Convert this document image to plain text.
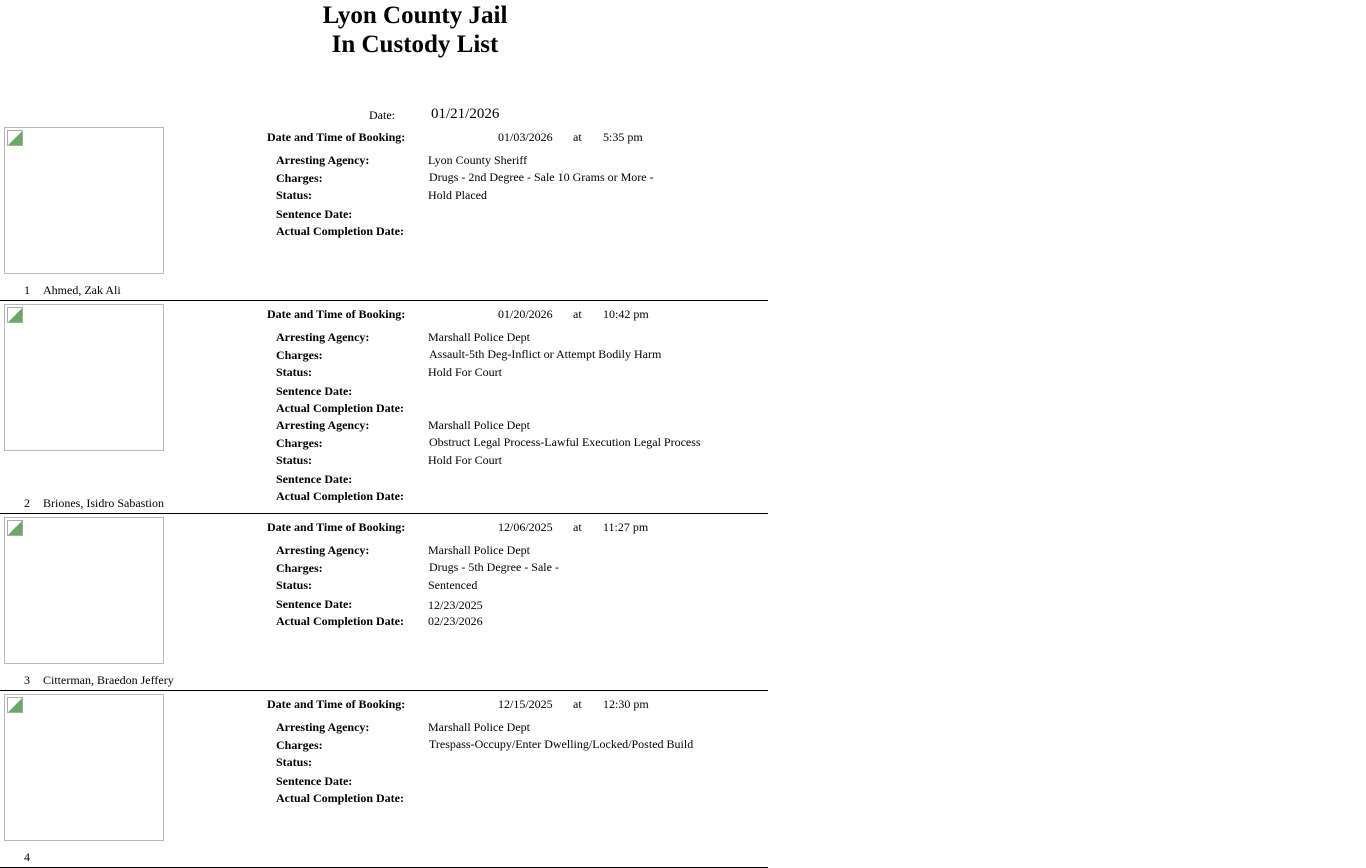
Lyon County Jail
In Custody List
Date: 01/21/2026
Date and Time of Booking:	01/03/2026 at 5:35 pm
Arresting Agency:	Lyon County Sheriff
Charges:	Drugs - 2nd Degree - Sale 10 Grams or More -
Status:	Hold Placed
Sentence Date:
Actual Completion Date:
1 Ahmed, Zak Ali
Date and Time of Booking:	01/20/2026 at 10:42 pm
Arresting Agency:	Marshall Police Dept
Charges:	Assault-5th Deg-Inflict or Attempt Bodily Harm
Status:	Hold For Court
Sentence Date:
Actual Completion Date:
Arresting Agency:	Marshall Police Dept
Charges:	Obstruct Legal Process-Lawful Execution Legal Process
Status:	Hold For Court
Sentence Date:
Actual Completion Date:
2 Briones, Isidro Sabastion
Date and Time of Booking:	12/06/2025 at 11:27 pm
Arresting Agency:	Marshall Police Dept
Charges:	Drugs - 5th Degree - Sale -
Status:	Sentenced
Sentence Date:	12/23/2025
Actual Completion Date: 02/23/2026
3 Citterman, Braedon Jeffery
Date and Time of Booking:	12/15/2025 at 12:30 pm
Arresting Agency:	Marshall Police Dept
Charges:	Trespass-Occupy/Enter Dwelling/Locked/Posted Build
Status:
Sentence Date:
Actual Completion Date:
4
